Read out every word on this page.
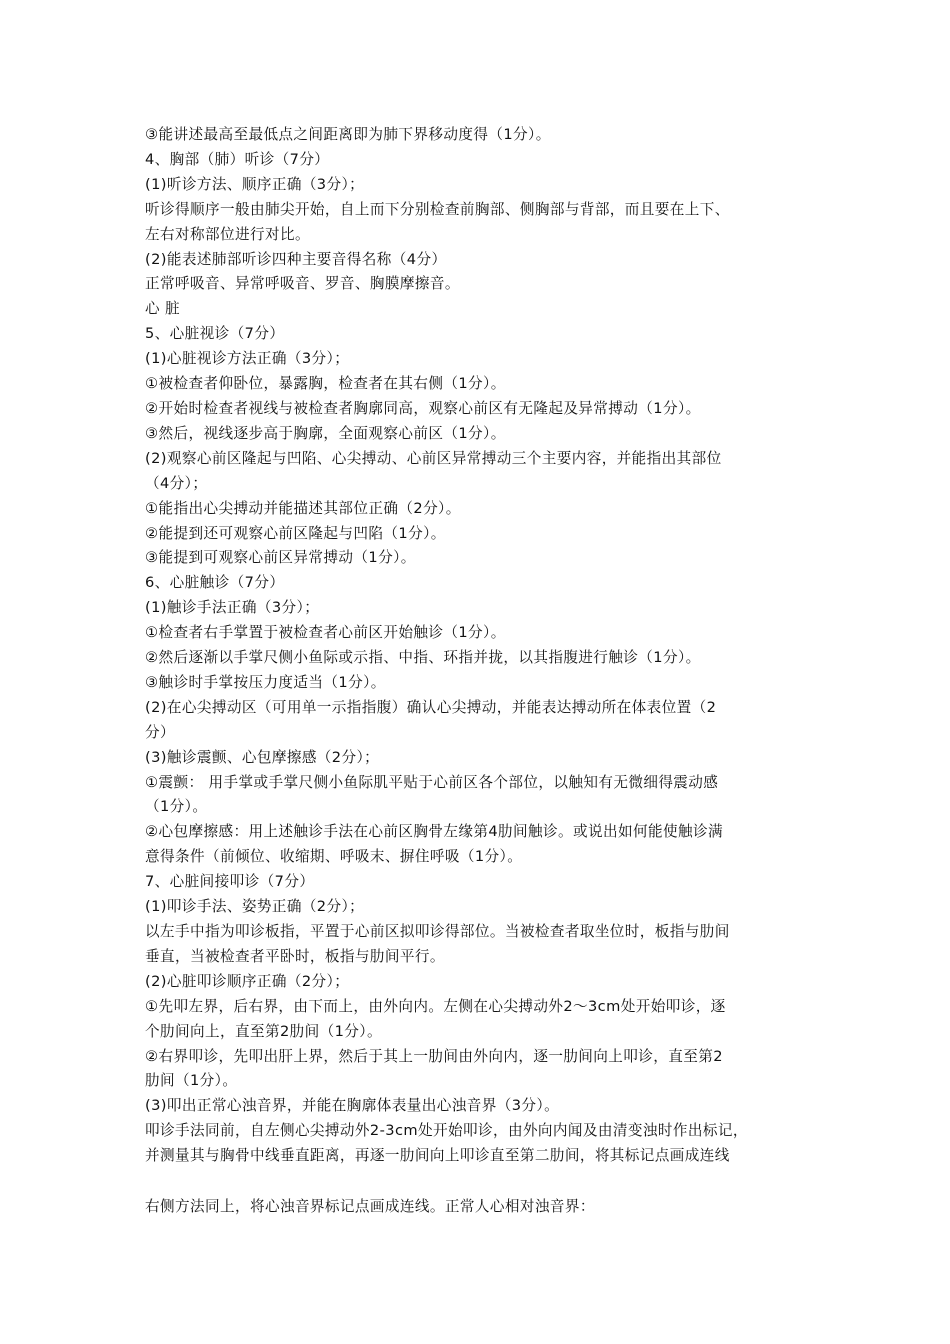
③能讲述最高至最低点之间距离即为肺下界移动度得（1分）。

4、胸部（肺）听诊（7分）

(1)听诊方法、顺序正确（3分）；

听诊得顺序一般由肺尖开始，自上而下分别检查前胸部、侧胸部与背部，而且要在上下、

左右对称部位进行对比。

(2)能表述肺部听诊四种主要音得名称（4分）

正常呼吸音、异常呼吸音、罗音、胸膜摩擦音。

心 脏

5、心脏视诊（7分）

(1)心脏视诊方法正确（3分）；

①被检查者仰卧位，暴露胸，检查者在其右侧（1分）。

②开始时检查者视线与被检查者胸廓同高，观察心前区有无隆起及异常搏动（1分）。

③然后，视线逐步高于胸廓，全面观察心前区（1分）。

(2)观察心前区隆起与凹陷、心尖搏动、心前区异常搏动三个主要内容，并能指出其部位

（4分）；

①能指出心尖搏动并能描述其部位正确（2分）。

②能提到还可观察心前区隆起与凹陷（1分）。

③能提到可观察心前区异常搏动（1分）。

6、心脏触诊（7分）

(1)触诊手法正确（3分）；

①检查者右手掌置于被检查者心前区开始触诊（1分）。

②然后逐渐以手掌尺侧小鱼际或示指、中指、环指并拢，以其指腹进行触诊（1分）。

③触诊时手掌按压力度适当（1分）。

(2)在心尖搏动区（可用单一示指指腹）确认心尖搏动，并能表达搏动所在体表位置（2

分）

(3)触诊震颤、心包摩擦感（2分）；

①震颤： 用手掌或手掌尺侧小鱼际肌平贴于心前区各个部位，以触知有无微细得震动感

（1分）。

②心包摩擦感：用上述触诊手法在心前区胸骨左缘第4肋间触诊。或说出如何能使触诊满

意得条件（前倾位、收缩期、呼吸末、摒住呼吸（1分）。

7、心脏间接叩诊（7分）

(1)叩诊手法、姿势正确（2分）；

以左手中指为叩诊板指，平置于心前区拟叩诊得部位。当被检查者取坐位时，板指与肋间

垂直，当被检查者平卧时，板指与肋间平行。

(2)心脏叩诊顺序正确（2分）；

①先叩左界，后右界，由下而上，由外向内。左侧在心尖搏动外2～3cm处开始叩诊，逐

个肋间向上，直至第2肋间（1分）。

②右界叩诊，先叩出肝上界，然后于其上一肋间由外向内，逐一肋间向上叩诊，直至第2

肋间（1分）。

(3)叩出正常心浊音界，并能在胸廓体表量出心浊音界（3分）。

叩诊手法同前，自左侧心尖搏动外2-3cm处开始叩诊，由外向内闻及由清变浊时作出标记，

并测量其与胸骨中线垂直距离，再逐一肋间向上叩诊直至第二肋间，将其标记点画成连线

右侧方法同上，将心浊音界标记点画成连线。正常人心相对浊音界：
